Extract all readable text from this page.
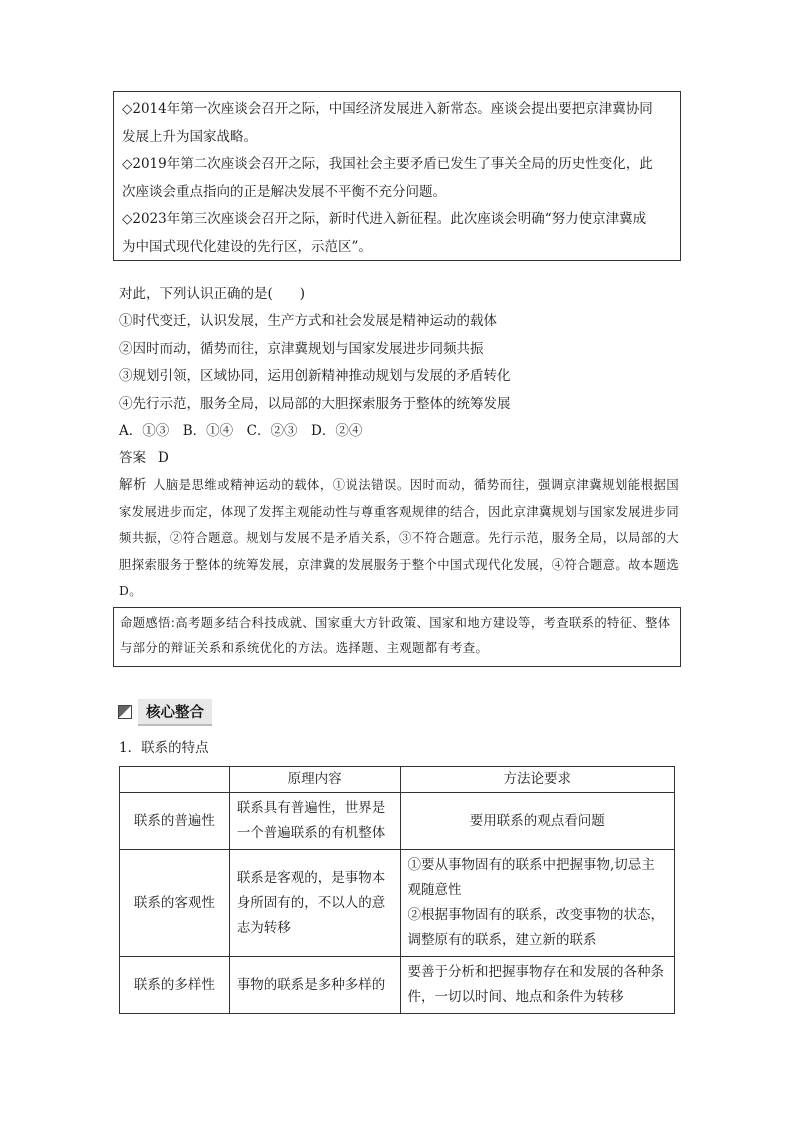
◇2014年第一次座谈会召开之际，中国经济发展进入新常态。座谈会提出要把京津冀协同

发展上升为国家战略。

◇2019年第二次座谈会召开之际，我国社会主要矛盾已发生了事关全局的历史性变化，此

次座谈会重点指向的正是解决发展不平衡不充分问题。

◇2023年第三次座谈会召开之际，新时代进入新征程。此次座谈会明确“努力使京津冀成

为中国式现代化建设的先行区，示范区”。

对此，下列认识正确的是(　　)

①时代变迁，认识发展，生产方式和社会发展是精神运动的载体

②因时而动，循势而往，京津冀规划与国家发展进步同频共振

③规划引领，区域协同，运用创新精神推动规划与发展的矛盾转化

④先行示范，服务全局，以局部的大胆探索服务于整体的统筹发展

A．①③　B．①④　C．②③　D．②④

答案 D

解析 人脑是思维或精神运动的载体，①说法错误。因时而动，循势而往，强调京津冀规划能根据国家发展进步而定，体现了发挥主观能动性与尊重客观规律的结合，因此京津冀规划与国家发展进步同频共振，②符合题意。规划与发展不是矛盾关系，③不符合题意。先行示范，服务全局，以局部的大胆探索服务于整体的统筹发展，京津冀的发展服务于整个中国式现代化发展，④符合题意。故本题选D。
命题感悟:高考题多结合科技成就、国家重大方针政策、国家和地方建设等，考查联系的特征、整体与部分的辩证关系和系统优化的方法。选择题、主观题都有考查。
核心整合

1．联系的特点

	原理内容	方法论要求
联系的普遍性	联系具有普遍性，世界是一个普遍联系的有机整体	要用联系的观点看问题
联系的客观性	联系是客观的，是事物本身所固有的，不以人的意志为转移	①要从事物固有的联系中把握事物,切忌主观随意性
②根据事物固有的联系，改变事物的状态，调整原有的联系，建立新的联系

联系的多样性	事物的联系是多种多样的	要善于分析和把握事物存在和发展的各种条件，一切以时间、地点和条件为转移
